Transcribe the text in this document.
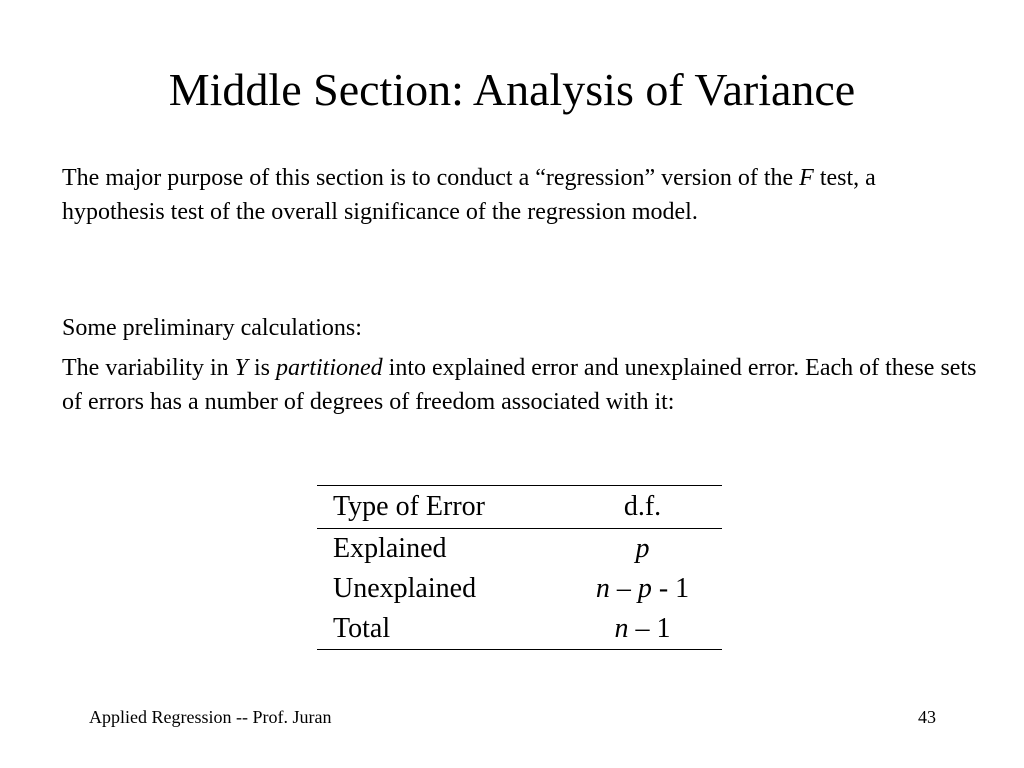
Middle Section: Analysis of Variance

The major purpose of this section is to conduct a “regression” version of the F test, a hypothesis test of the overall significance of the regression model.

Some preliminary calculations:

The variability in Y is partitioned into explained error and unexplained error. Each of these sets of errors has a number of degrees of freedom associated with it:

Type of Error	d.f.
Explained	p
Unexplained	n – p - 1
Total	n – 1
Applied Regression -- Prof. Juran	43
